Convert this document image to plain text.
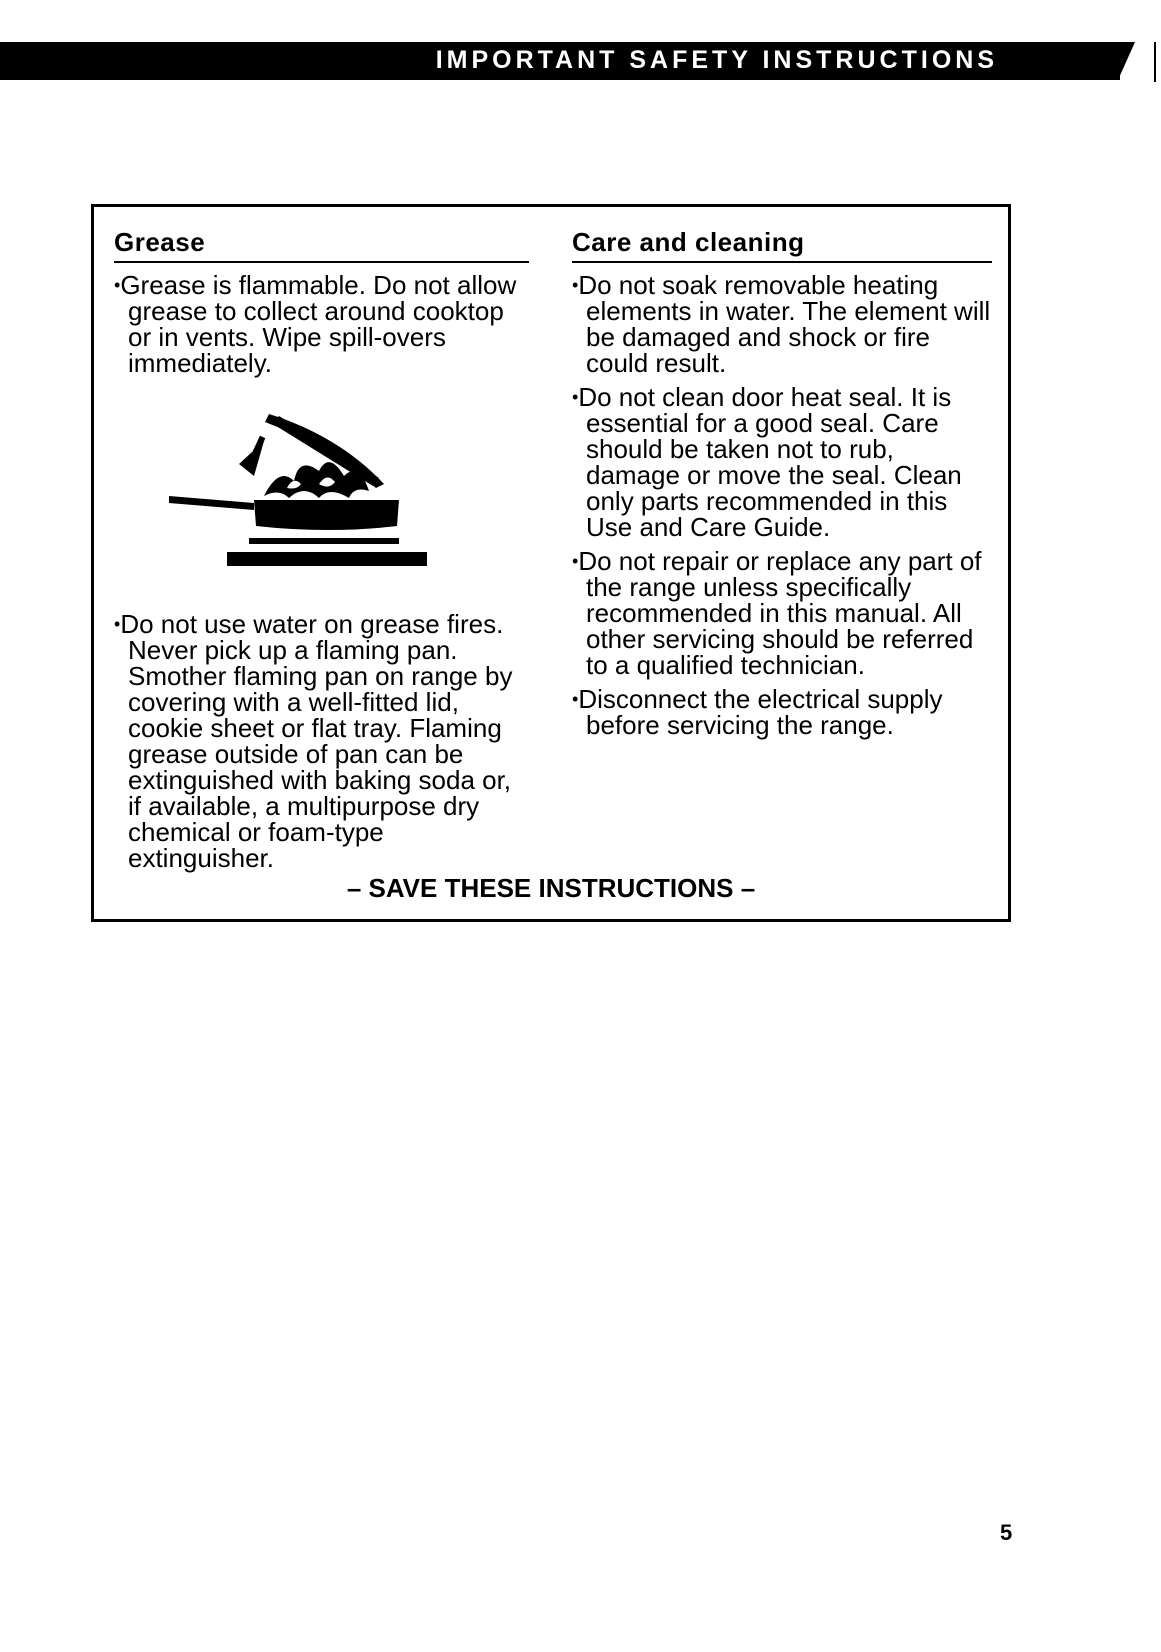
IMPORTANT SAFETY INSTRUCTIONS
Grease

•Grease is flammable. Do not allow grease to collect around cooktop or in vents. Wipe spill-overs immediately.

•Do not use water on grease fires. Never pick up a flaming pan. Smother flaming pan on range by covering with a well-fitted lid, cookie sheet or flat tray. Flaming grease outside of pan can be extinguished with baking soda or, if available, a multipurpose dry chemical or foam-type extinguisher.

Care and cleaning

•Do not soak removable heating elements in water. The element will be damaged and shock or fire could result.

•Do not clean door heat seal. It is essential for a good seal. Care should be taken not to rub, damage or move the seal. Clean only parts recommended in this Use and Care Guide.

•Do not repair or replace any part of the range unless specifically recommended in this manual. All other servicing should be referred to a qualified technician.

•Disconnect the electrical supply before servicing the range.

– SAVE THESE INSTRUCTIONS –
5
